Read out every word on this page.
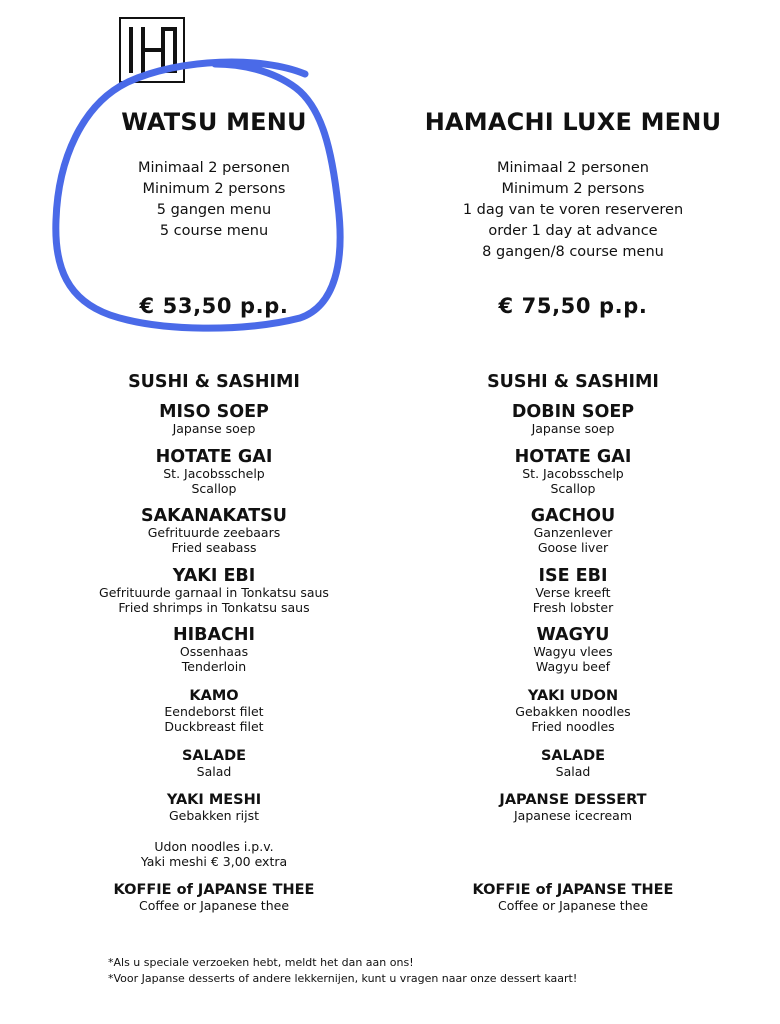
WATSU MENU
Minimaal 2 personen
Minimum 2 persons
5 gangen menu
5 course menu
€ 53,50 p.p.
SUSHI & SASHIMI
MISO SOEP
Japanse soep
HOTATE GAI
St. Jacobsschelp
Scallop
SAKANAKATSU
Gefrituurde zeebaars
Fried seabass
YAKI EBI
Gefrituurde garnaal in Tonkatsu saus
Fried shrimps in Tonkatsu saus
HIBACHI
Ossenhaas
Tenderloin
KAMO
Eendeborst filet
Duckbreast filet
SALADE
Salad
YAKI MESHI
Gebakken rijst
Udon noodles i.p.v.
Yaki meshi € 3,00 extra
KOFFIE of JAPANSE THEE
Coffee or Japanese thee
HAMACHI LUXE MENU
Minimaal 2 personen
Minimum 2 persons
1 dag van te voren reserveren
order 1 day at advance
8 gangen/8 course menu
€ 75,50 p.p.
SUSHI & SASHIMI
DOBIN SOEP
Japanse soep
HOTATE GAI
St. Jacobsschelp
Scallop
GACHOU
Ganzenlever
Goose liver
ISE EBI
Verse kreeft
Fresh lobster
WAGYU
Wagyu vlees
Wagyu beef
YAKI UDON
Gebakken noodles
Fried noodles
SALADE
Salad
JAPANSE DESSERT
Japanese icecream
KOFFIE of JAPANSE THEE
Coffee or Japanese thee
*Als u speciale verzoeken hebt, meldt het dan aan ons!
*Voor Japanse desserts of andere lekkernijen, kunt u vragen naar onze dessert kaart!
